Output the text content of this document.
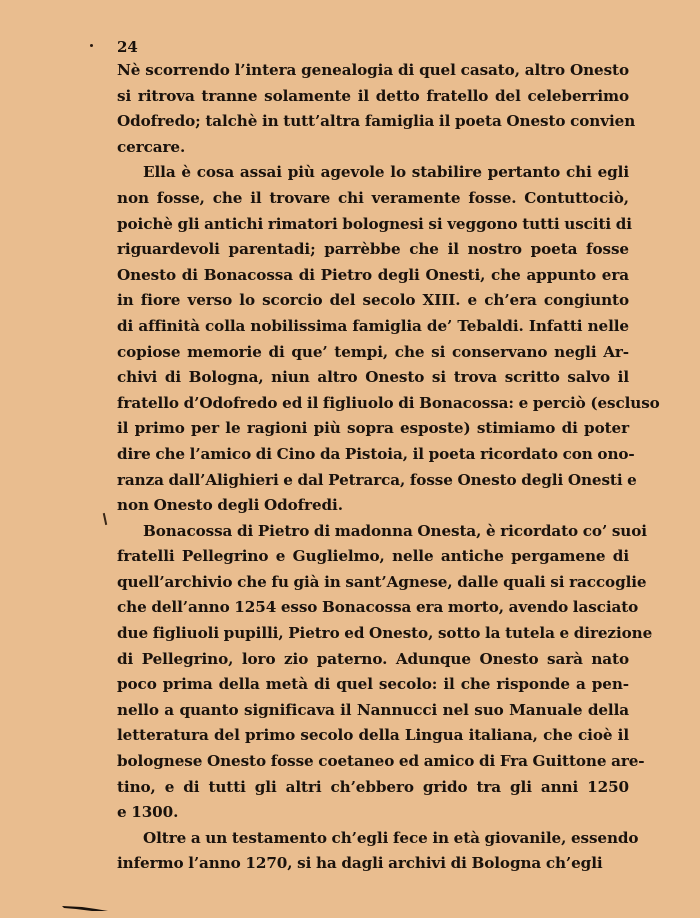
24
Nè scorrendo l’intera genealogia di quel casato, altro Onesto
si ritrova tranne solamente il detto fratello del celeberrimo
Odofredo; talchè in tutt’altra famiglia il poeta Onesto convien
cercare.
Ella è cosa assai più agevole lo stabilire pertanto chi egli
non fosse, che il trovare chi veramente fosse. Contuttociò,
poichè gli antichi rimatori bolognesi si veggono tutti usciti di
riguardevoli parentadi; parrèbbe che il nostro poeta fosse
Onesto di Bonacossa di Pietro degli Onesti, che appunto era
in fiore verso lo scorcio del secolo XIII. e ch’era congiunto
di affinità colla nobilissima famiglia de’ Tebaldi. Infatti nelle
copiose memorie di que’ tempi, che si conservano negli Ar-
chivi di Bologna, niun altro Onesto si trova scritto salvo il
fratello d’Odofredo ed il figliuolo di Bonacossa: e perciò (escluso
il primo per le ragioni più sopra esposte) stimiamo di poter
dire che l’amico di Cino da Pistoia, il poeta ricordato con ono-
ranza dall’Alighieri e dal Petrarca, fosse Onesto degli Onesti e
non Onesto degli Odofredi.
Bonacossa di Pietro di madonna Onesta, è ricordato co’ suoi
fratelli Pellegrino e Guglielmo, nelle antiche pergamene di
quell’archivio che fu già in sant’Agnese, dalle quali si raccoglie
che dell’anno 1254 esso Bonacossa era morto, avendo lasciato
due figliuoli pupilli, Pietro ed Onesto, sotto la tutela e direzione
di Pellegrino, loro zio paterno. Adunque Onesto sarà nato
poco prima della metà di quel secolo: il che risponde a pen-
nello a quanto significava il Nannucci nel suo Manuale della
letteratura del primo secolo della Lingua italiana, che cioè il
bolognese Onesto fosse coetaneo ed amico di Fra Guittone are-
tino, e di tutti gli altri ch’ebbero grido tra gli anni 1250
e 1300.
Oltre a un testamento ch’egli fece in età giovanile, essendo
infermo l’anno 1270, si ha dagli archivi di Bologna ch’egli
